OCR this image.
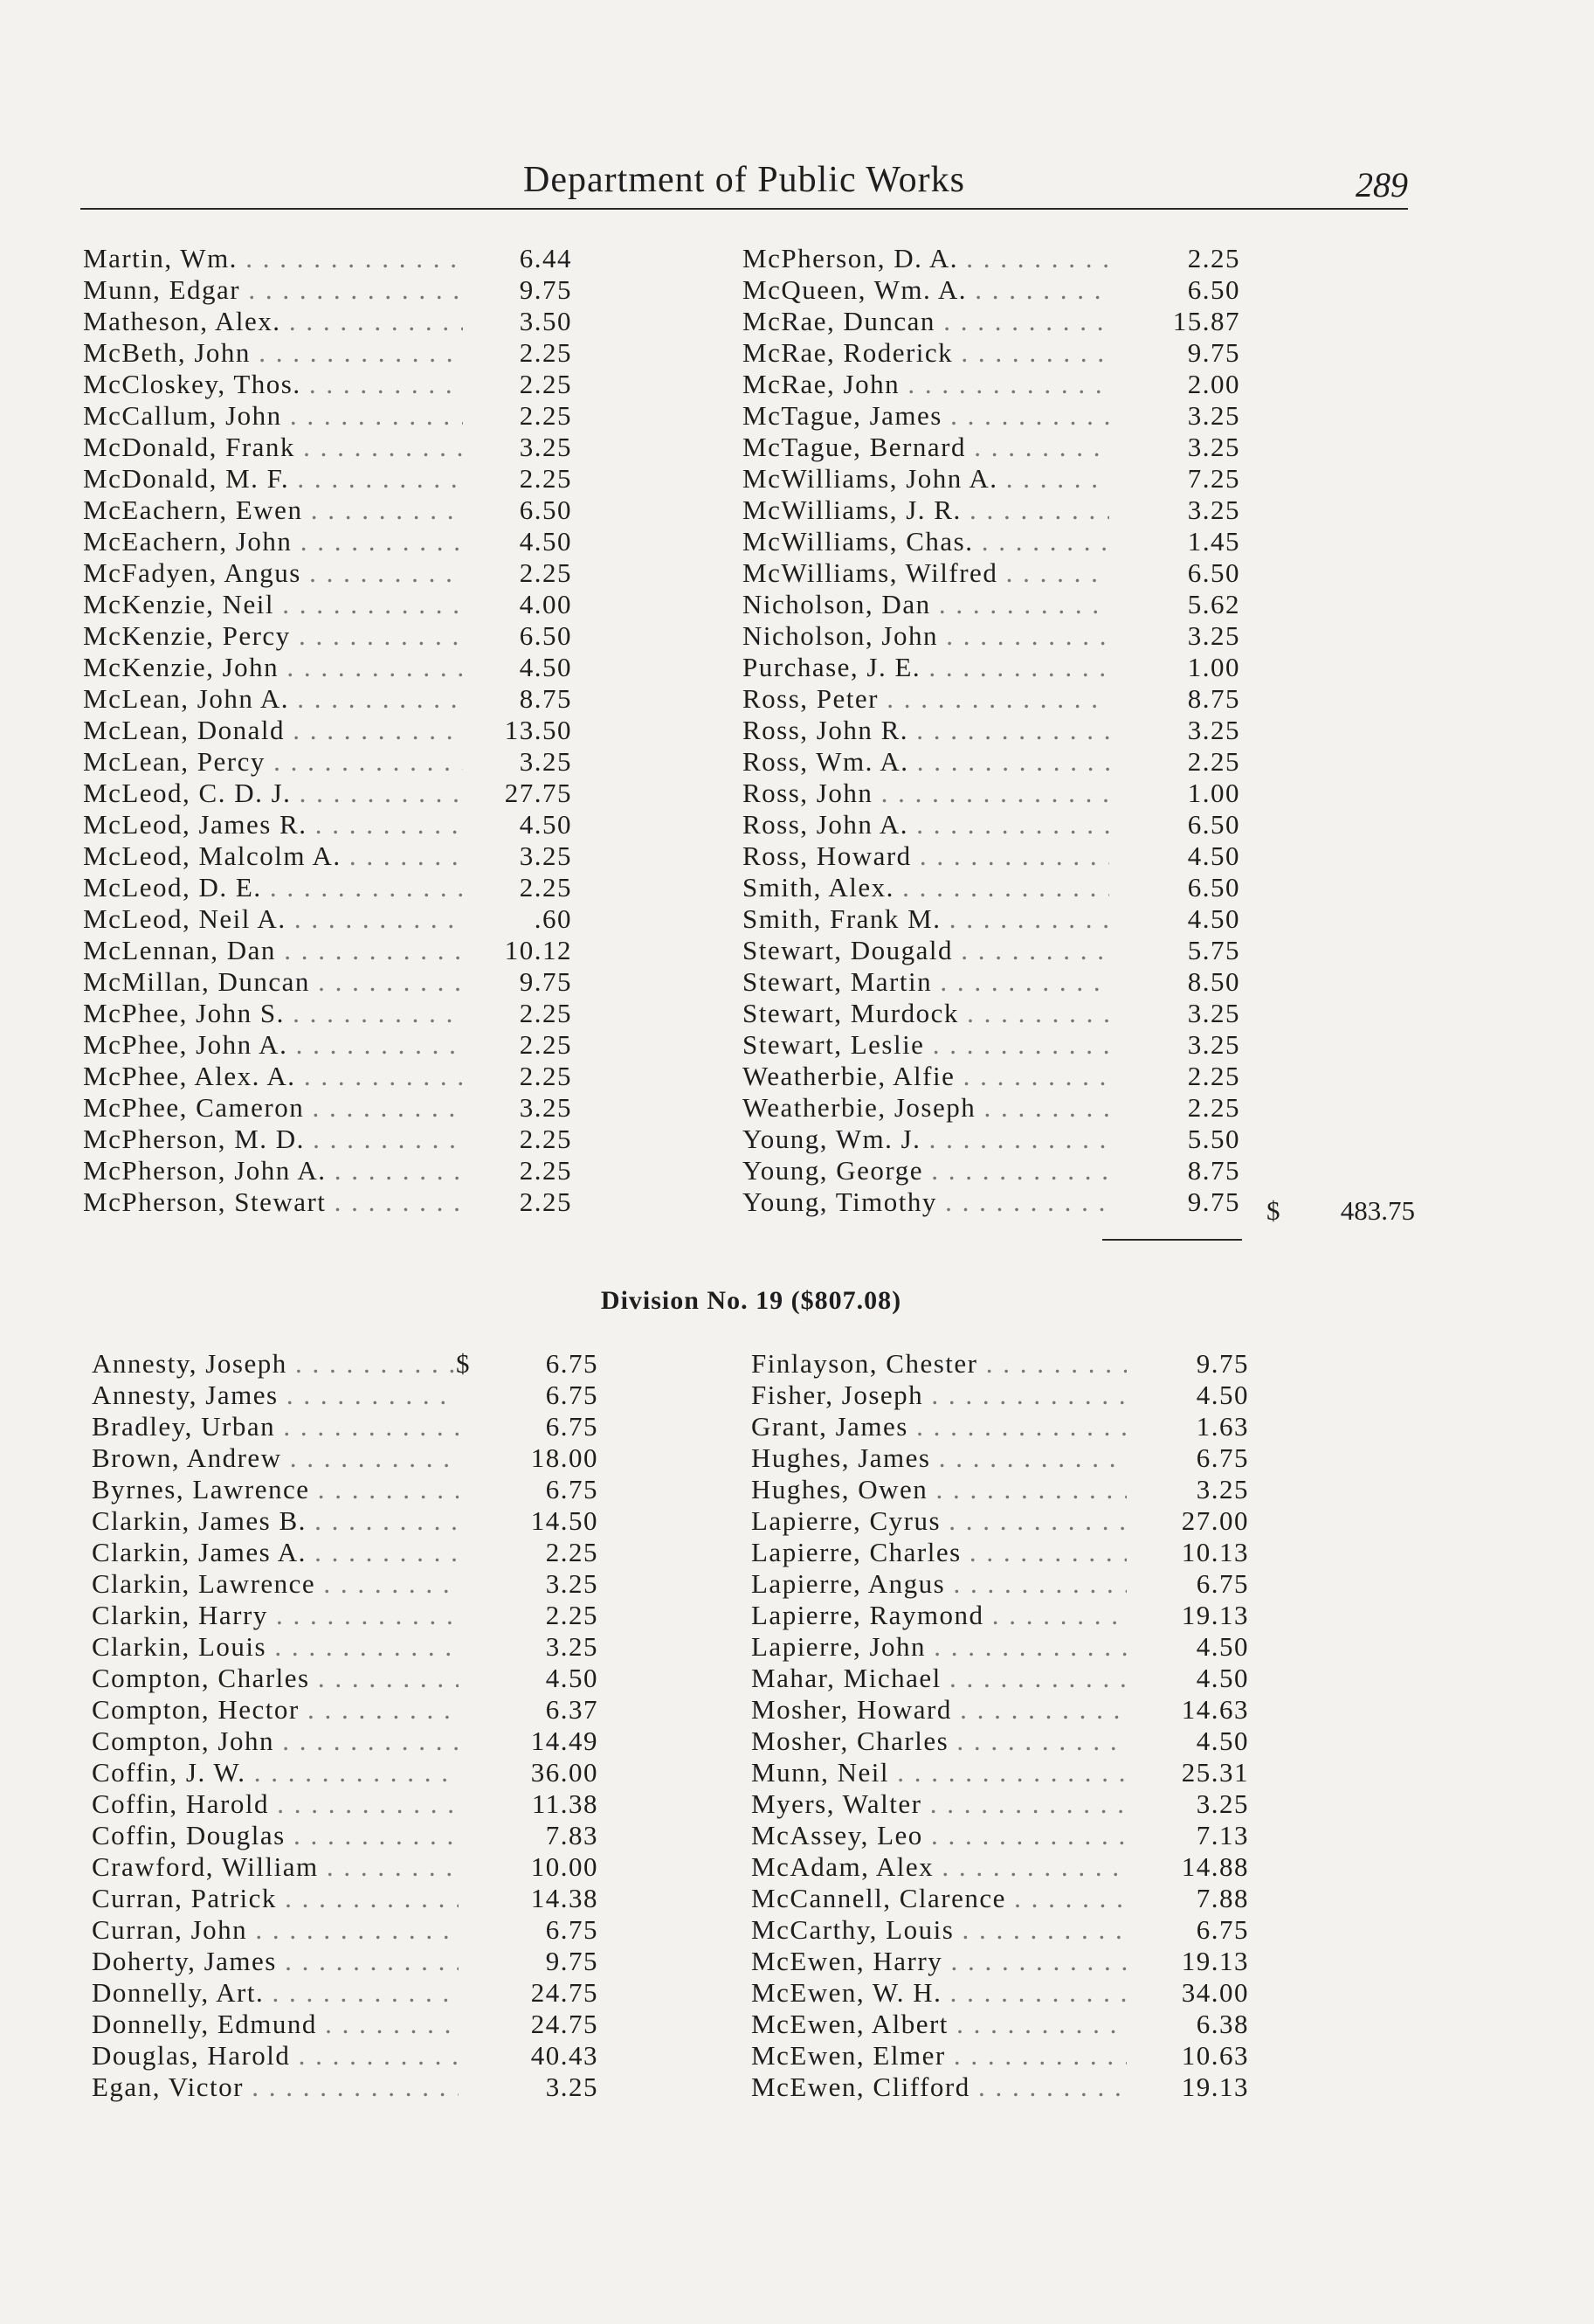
Department of Public Works	289
Martin, Wm. . . .	6.44
Munn, Edgar . . .	9.75
Matheson, Alex. . . .	3.50
McBeth, John . . .	2.25
McCloskey, Thos. . . .	2.25
McCallum, John . . .	2.25
McDonald, Frank . . .	3.25
McDonald, M. F. . . .	2.25
McEachern, Ewen . . .	6.50
McEachern, John . . .	4.50
McFadyen, Angus . . .	2.25
McKenzie, Neil . . .	4.00
McKenzie, Percy . . .	6.50
McKenzie, John . . .	4.50
McLean, John A. . . .	8.75
McLean, Donald . . .	13.50
McLean, Percy . . .	3.25
McLeod, C. D. J. . . .	27.75
McLeod, James R. . . .	4.50
McLeod, Malcolm A. . . .	3.25
McLeod, D. E. . . .	2.25
McLeod, Neil A. . . .	.60
McLennan, Dan . . .	10.12
McMillan, Duncan . . .	9.75
McPhee, John S. . . .	2.25
McPhee, John A. . . .	2.25
McPhee, Alex. A. . . .	2.25
McPhee, Cameron . . .	3.25
McPherson, M. D. . . .	2.25
McPherson, John A. . . .	2.25
McPherson, Stewart . . .	2.25
McPherson, D. A. . . .	2.25
McQueen, Wm. A. . . .	6.50
McRae, Duncan . . .	15.87
McRae, Roderick . . .	9.75
McRae, John . . .	2.00
McTague, James . . .	3.25
McTague, Bernard . . .	3.25
McWilliams, John A. . . .	7.25
McWilliams, J. R. . . .	3.25
McWilliams, Chas. . . .	1.45
McWilliams, Wilfred . . .	6.50
Nicholson, Dan . . .	5.62
Nicholson, John . . .	3.25
Purchase, J. E. . . .	1.00
Ross, Peter . . .	8.75
Ross, John R. . . .	3.25
Ross, Wm. A. . . .	2.25
Ross, John . . .	1.00
Ross, John A. . . .	6.50
Ross, Howard . . .	4.50
Smith, Alex. . . .	6.50
Smith, Frank M. . . .	4.50
Stewart, Dougald . . .	5.75
Stewart, Martin . . .	8.50
Stewart, Murdock . . .	3.25
Stewart, Leslie . . .	3.25
Weatherbie, Alfie . . .	2.25
Weatherbie, Joseph . . .	2.25
Young, Wm. J. . . .	5.50
Young, George . . .	8.75
Young, Timothy . . .	9.75 $	483.75
Division No. 19 ($807.08)
$
Annesty, Joseph . . .	6.75
Annesty, James . . .	6.75
Bradley, Urban . . .	6.75
Brown, Andrew . . .	18.00
Byrnes, Lawrence . . .	6.75
Clarkin, James B. . . .	14.50
Clarkin, James A. . . .	2.25
Clarkin, Lawrence . . .	3.25
Clarkin, Harry . . .	2.25
Clarkin, Louis . . .	3.25
Compton, Charles . . .	4.50
Compton, Hector . . .	6.37
Compton, John . . .	14.49
Coffin, J. W. . . .	36.00
Coffin, Harold . . .	11.38
Coffin, Douglas . . .	7.83
Crawford, William . . .	10.00
Curran, Patrick . . .	14.38
Curran, John . . .	6.75
Doherty, James . . .	9.75
Donnelly, Art. . . .	24.75
Donnelly, Edmund . . .	24.75
Douglas, Harold . . .	40.43
Egan, Victor . . .	3.25
Finlayson, Chester . . .	9.75
Fisher, Joseph . . .	4.50
Grant, James . . .	1.63
Hughes, James . . .	6.75
Hughes, Owen . . .	3.25
Lapierre, Cyrus . . .	27.00
Lapierre, Charles . . .	10.13
Lapierre, Angus . . .	6.75
Lapierre, Raymond . . .	19.13
Lapierre, John . . .	4.50
Mahar, Michael . . .	4.50
Mosher, Howard . . .	14.63
Mosher, Charles . . .	4.50
Munn, Neil . . .	25.31
Myers, Walter . . .	3.25
McAssey, Leo . . .	7.13
McAdam, Alex . . .	14.88
McCannell, Clarence . . .	7.88
McCarthy, Louis . . .	6.75
McEwen, Harry . . .	19.13
McEwen, W. H. . . .	34.00
McEwen, Albert . . .	6.38
McEwen, Elmer . . .	10.63
McEwen, Clifford . . .	19.13
